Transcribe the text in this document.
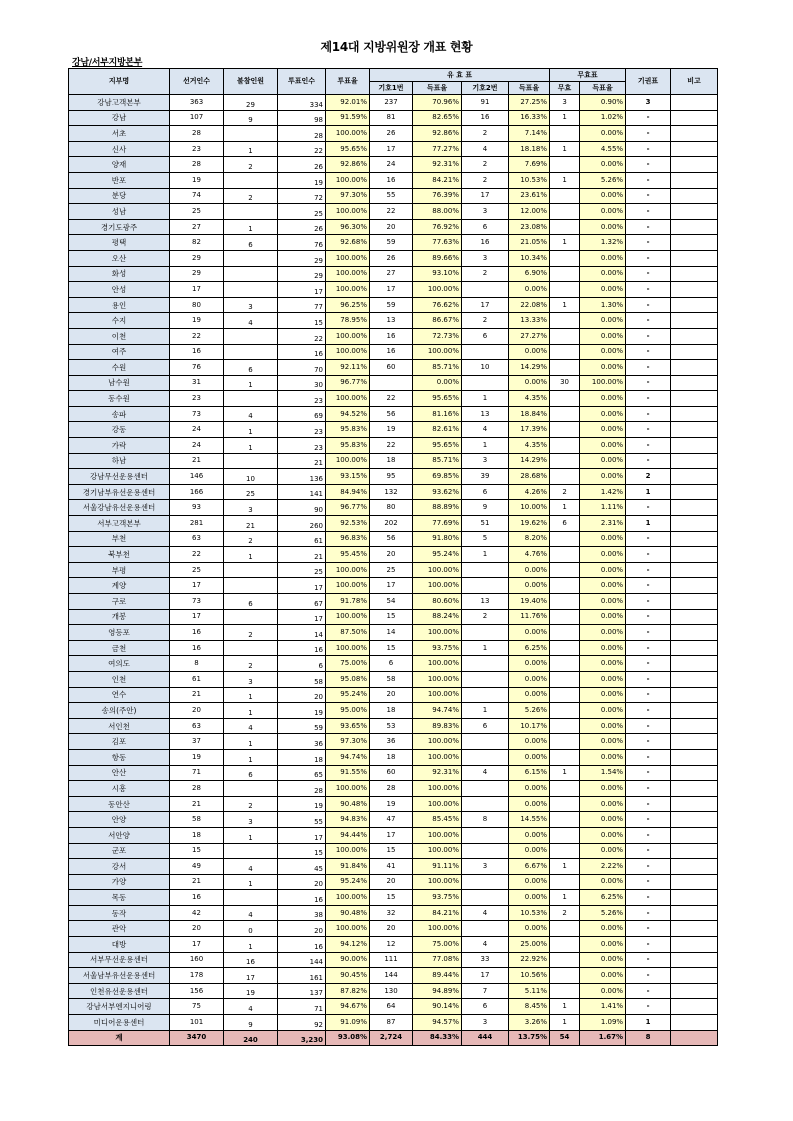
제14대 지방위원장 개표 현황
강남/서부지방본부
지부명	선거인수	불참인원	투표인수	투표율	유 효 표				무효표		기권표	비고
					기호1번	득표율	기호2번	득표율	무효	득표율		
강남고객본부	363	29	334	92.01%	237	70.96%	91	27.25%	3	0.90%	3	
강남	107	9	98	91.59%	81	82.65%	16	16.33%	1	1.02%	-	
서초	28		28	100.00%	26	92.86%	2	7.14%		0.00%	-	
신사	23	1	22	95.65%	17	77.27%	4	18.18%	1	4.55%	-	
양재	28	2	26	92.86%	24	92.31%	2	7.69%		0.00%	-	
반포	19		19	100.00%	16	84.21%	2	10.53%	1	5.26%	-	
분당	74	2	72	97.30%	55	76.39%	17	23.61%		0.00%	-	
성남	25		25	100.00%	22	88.00%	3	12.00%		0.00%	-	
경기도광주	27	1	26	96.30%	20	76.92%	6	23.08%		0.00%	-	
평택	82	6	76	92.68%	59	77.63%	16	21.05%	1	1.32%	-	
오산	29		29	100.00%	26	89.66%	3	10.34%		0.00%	-	
화성	29		29	100.00%	27	93.10%	2	6.90%		0.00%	-	
안성	17		17	100.00%	17	100.00%		0.00%		0.00%	-	
용인	80	3	77	96.25%	59	76.62%	17	22.08%	1	1.30%	-	
수지	19	4	15	78.95%	13	86.67%	2	13.33%		0.00%	-	
이천	22		22	100.00%	16	72.73%	6	27.27%		0.00%	-	
여주	16		16	100.00%	16	100.00%		0.00%		0.00%	-	
수원	76	6	70	92.11%	60	85.71%	10	14.29%		0.00%	-	
남수원	31	1	30	96.77%		0.00%		0.00%	30	100.00%	-	
동수원	23		23	100.00%	22	95.65%	1	4.35%		0.00%	-	
송파	73	4	69	94.52%	56	81.16%	13	18.84%		0.00%	-	
강동	24	1	23	95.83%	19	82.61%	4	17.39%		0.00%	-	
가락	24	1	23	95.83%	22	95.65%	1	4.35%		0.00%	-	
하남	21		21	100.00%	18	85.71%	3	14.29%		0.00%	-	
강남무선운용센터	146	10	136	93.15%	95	69.85%	39	28.68%		0.00%	2	
경기남부유선운용센터	166	25	141	84.94%	132	93.62%	6	4.26%	2	1.42%	1	
서울강남유선운용센터	93	3	90	96.77%	80	88.89%	9	10.00%	1	1.11%	-	
서부고객본부	281	21	260	92.53%	202	77.69%	51	19.62%	6	2.31%	1	
부천	63	2	61	96.83%	56	91.80%	5	8.20%		0.00%	-	
북부천	22	1	21	95.45%	20	95.24%	1	4.76%		0.00%	-	
부평	25		25	100.00%	25	100.00%		0.00%		0.00%	-	
계양	17		17	100.00%	17	100.00%		0.00%		0.00%	-	
구로	73	6	67	91.78%	54	80.60%	13	19.40%		0.00%	-	
개봉	17		17	100.00%	15	88.24%	2	11.76%		0.00%	-	
영등포	16	2	14	87.50%	14	100.00%		0.00%		0.00%	-	
금천	16		16	100.00%	15	93.75%	1	6.25%		0.00%	-	
여의도	8	2	6	75.00%	6	100.00%		0.00%		0.00%	-	
인천	61	3	58	95.08%	58	100.00%		0.00%		0.00%	-	
연수	21	1	20	95.24%	20	100.00%		0.00%		0.00%	-	
송의(주안)	20	1	19	95.00%	18	94.74%	1	5.26%		0.00%	-	
서인천	63	4	59	93.65%	53	89.83%	6	10.17%		0.00%	-	
김포	37	1	36	97.30%	36	100.00%		0.00%		0.00%	-	
항동	19	1	18	94.74%	18	100.00%		0.00%		0.00%	-	
안산	71	6	65	91.55%	60	92.31%	4	6.15%	1	1.54%	-	
시흥	28		28	100.00%	28	100.00%		0.00%		0.00%	-	
동안산	21	2	19	90.48%	19	100.00%		0.00%		0.00%	-	
안양	58	3	55	94.83%	47	85.45%	8	14.55%		0.00%	-	
서안양	18	1	17	94.44%	17	100.00%		0.00%		0.00%	-	
군포	15		15	100.00%	15	100.00%		0.00%		0.00%	-	
강서	49	4	45	91.84%	41	91.11%	3	6.67%	1	2.22%	-	
가양	21	1	20	95.24%	20	100.00%		0.00%		0.00%	-	
목동	16		16	100.00%	15	93.75%		0.00%	1	6.25%	-	
동작	42	4	38	90.48%	32	84.21%	4	10.53%	2	5.26%	-	
관악	20	0	20	100.00%	20	100.00%		0.00%		0.00%	-	
대방	17	1	16	94.12%	12	75.00%	4	25.00%		0.00%	-	
서부무선운용센터	160	16	144	90.00%	111	77.08%	33	22.92%		0.00%	-	
서울남부유선운용센터	178	17	161	90.45%	144	89.44%	17	10.56%		0.00%	-	
인천유선운용센터	156	19	137	87.82%	130	94.89%	7	5.11%		0.00%	-	
강남서부엔지니어링	75	4	71	94.67%	64	90.14%	6	8.45%	1	1.41%	-	
미디어운용센터	101	9	92	91.09%	87	94.57%	3	3.26%	1	1.09%	1	
계	3470	240	3,230	93.08%	2,724	84.33%	444	13.75%	54	1.67%	8	
